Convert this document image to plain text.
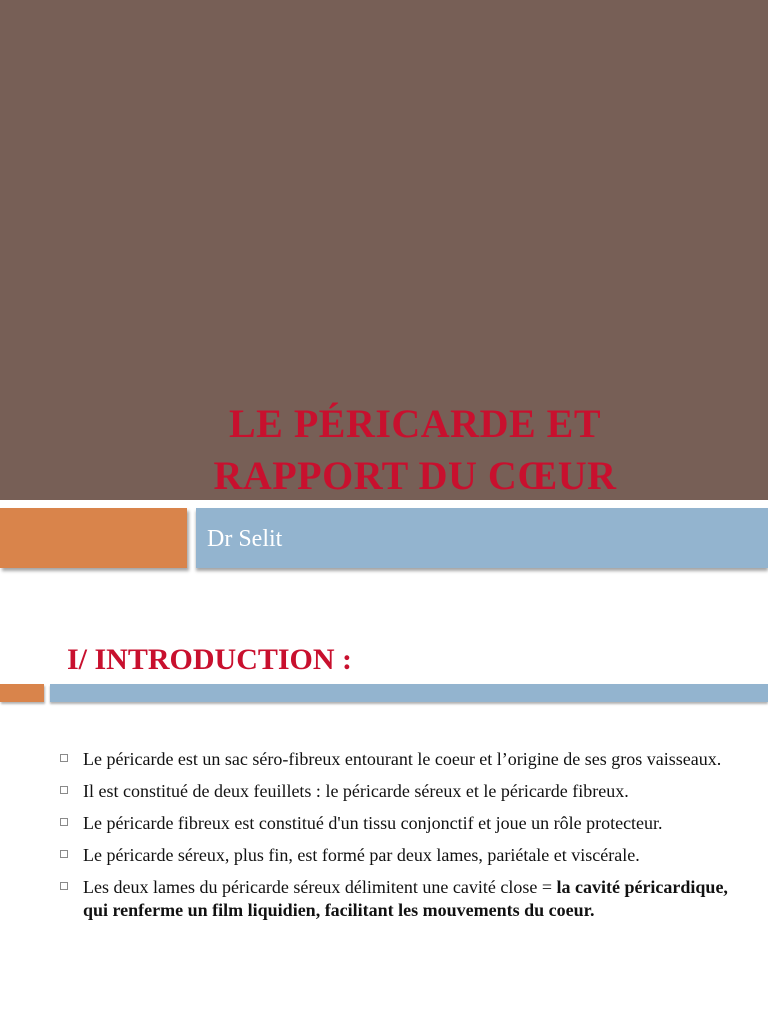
LE PÉRICARDE ET
RAPPORT DU CŒUR
Dr Selit
I/ INTRODUCTION :
Le péricarde est un sac séro-fibreux entourant le coeur et l’origine de ses gros vaisseaux.
Il est constitué de deux feuillets : le péricarde séreux et le péricarde fibreux.
Le péricarde fibreux est constitué d'un tissu conjonctif et joue un rôle protecteur.
Le péricarde séreux, plus fin, est formé par deux lames, pariétale et viscérale.
Les deux lames du péricarde séreux délimitent une cavité close = la cavité péricardique, qui renferme un film liquidien, facilitant les mouvements du coeur.
